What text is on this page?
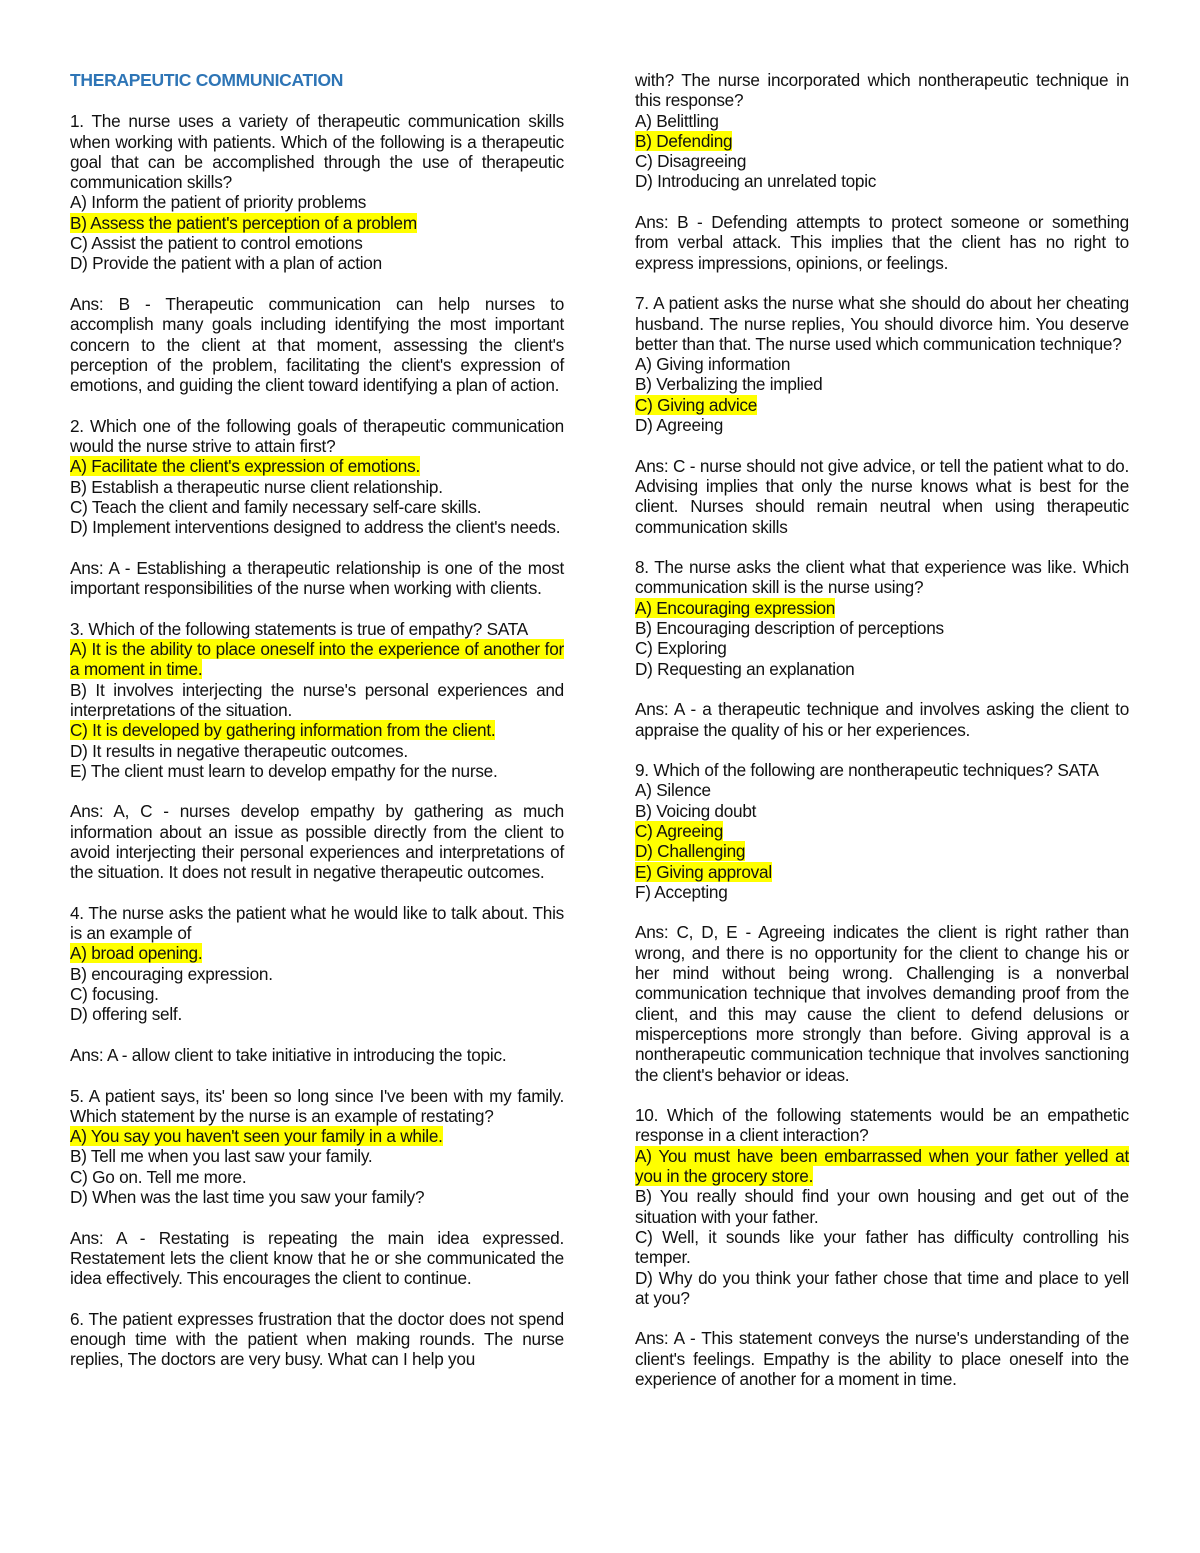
THERAPEUTIC COMMUNICATION

1. The nurse uses a variety of therapeutic communication skills when working with patients. Which of the following is a therapeutic goal that can be accomplished through the use of therapeutic communication skills?

A) Inform the patient of priority problems

B) Assess the patient's perception of a problem

C) Assist the patient to control emotions

D) Provide the patient with a plan of action

Ans: B - Therapeutic communication can help nurses to accomplish many goals including identifying the most important concern to the client at that moment, assessing the client's perception of the problem, facilitating the client's expression of emotions, and guiding the client toward identifying a plan of action.

2. Which one of the following goals of therapeutic communication would the nurse strive to attain first?

A) Facilitate the client's expression of emotions.

B) Establish a therapeutic nurse client relationship.

C) Teach the client and family necessary self-care skills.

D) Implement interventions designed to address the client's needs.

Ans: A - Establishing a therapeutic relationship is one of the most important responsibilities of the nurse when working with clients.

3. Which of the following statements is true of empathy? SATA

A) It is the ability to place oneself into the experience of another for a moment in time.

B) It involves interjecting the nurse's personal experiences and interpretations of the situation.

C) It is developed by gathering information from the client.

D) It results in negative therapeutic outcomes.

E) The client must learn to develop empathy for the nurse.

Ans: A, C - nurses develop empathy by gathering as much information about an issue as possible directly from the client to avoid interjecting their personal experiences and interpretations of the situation. It does not result in negative therapeutic outcomes.

4. The nurse asks the patient what he would like to talk about. This is an example of

A) broad opening.

B) encouraging expression.

C) focusing.

D) offering self.

Ans: A - allow client to take initiative in introducing the topic.

5. A patient says, its' been so long since I've been with my family. Which statement by the nurse is an example of restating?

A) You say you haven't seen your family in a while.

B) Tell me when you last saw your family.

C) Go on. Tell me more.

D) When was the last time you saw your family?

Ans: A - Restating is repeating the main idea expressed. Restatement lets the client know that he or she communicated the idea effectively. This encourages the client to continue.

6. The patient expresses frustration that the doctor does not spend enough time with the patient when making rounds. The nurse replies, The doctors are very busy. What can I help you

with? The nurse incorporated which nontherapeutic technique in this response?

A) Belittling

B) Defending

C) Disagreeing

D) Introducing an unrelated topic

Ans: B - Defending attempts to protect someone or something from verbal attack. This implies that the client has no right to express impressions, opinions, or feelings.

7. A patient asks the nurse what she should do about her cheating husband. The nurse replies, You should divorce him. You deserve better than that. The nurse used which communication technique?

A) Giving information

B) Verbalizing the implied

C) Giving advice

D) Agreeing

Ans: C - nurse should not give advice, or tell the patient what to do. Advising implies that only the nurse knows what is best for the client. Nurses should remain neutral when using therapeutic communication skills

8. The nurse asks the client what that experience was like. Which communication skill is the nurse using?

A) Encouraging expression

B) Encouraging description of perceptions

C) Exploring

D) Requesting an explanation

Ans: A - a therapeutic technique and involves asking the client to appraise the quality of his or her experiences.

9. Which of the following are nontherapeutic techniques? SATA

A) Silence

B) Voicing doubt

C) Agreeing

D) Challenging

E) Giving approval

F) Accepting

Ans: C, D, E - Agreeing indicates the client is right rather than wrong, and there is no opportunity for the client to change his or her mind without being wrong. Challenging is a nonverbal communication technique that involves demanding proof from the client, and this may cause the client to defend delusions or misperceptions more strongly than before. Giving approval is a nontherapeutic communication technique that involves sanctioning the client's behavior or ideas.

10. Which of the following statements would be an empathetic response in a client interaction?

A) You must have been embarrassed when your father yelled at you in the grocery store.

B) You really should find your own housing and get out of the situation with your father.

C) Well, it sounds like your father has difficulty controlling his temper.

D) Why do you think your father chose that time and place to yell at you?

Ans: A - This statement conveys the nurse's understanding of the client's feelings. Empathy is the ability to place oneself into the experience of another for a moment in time.
